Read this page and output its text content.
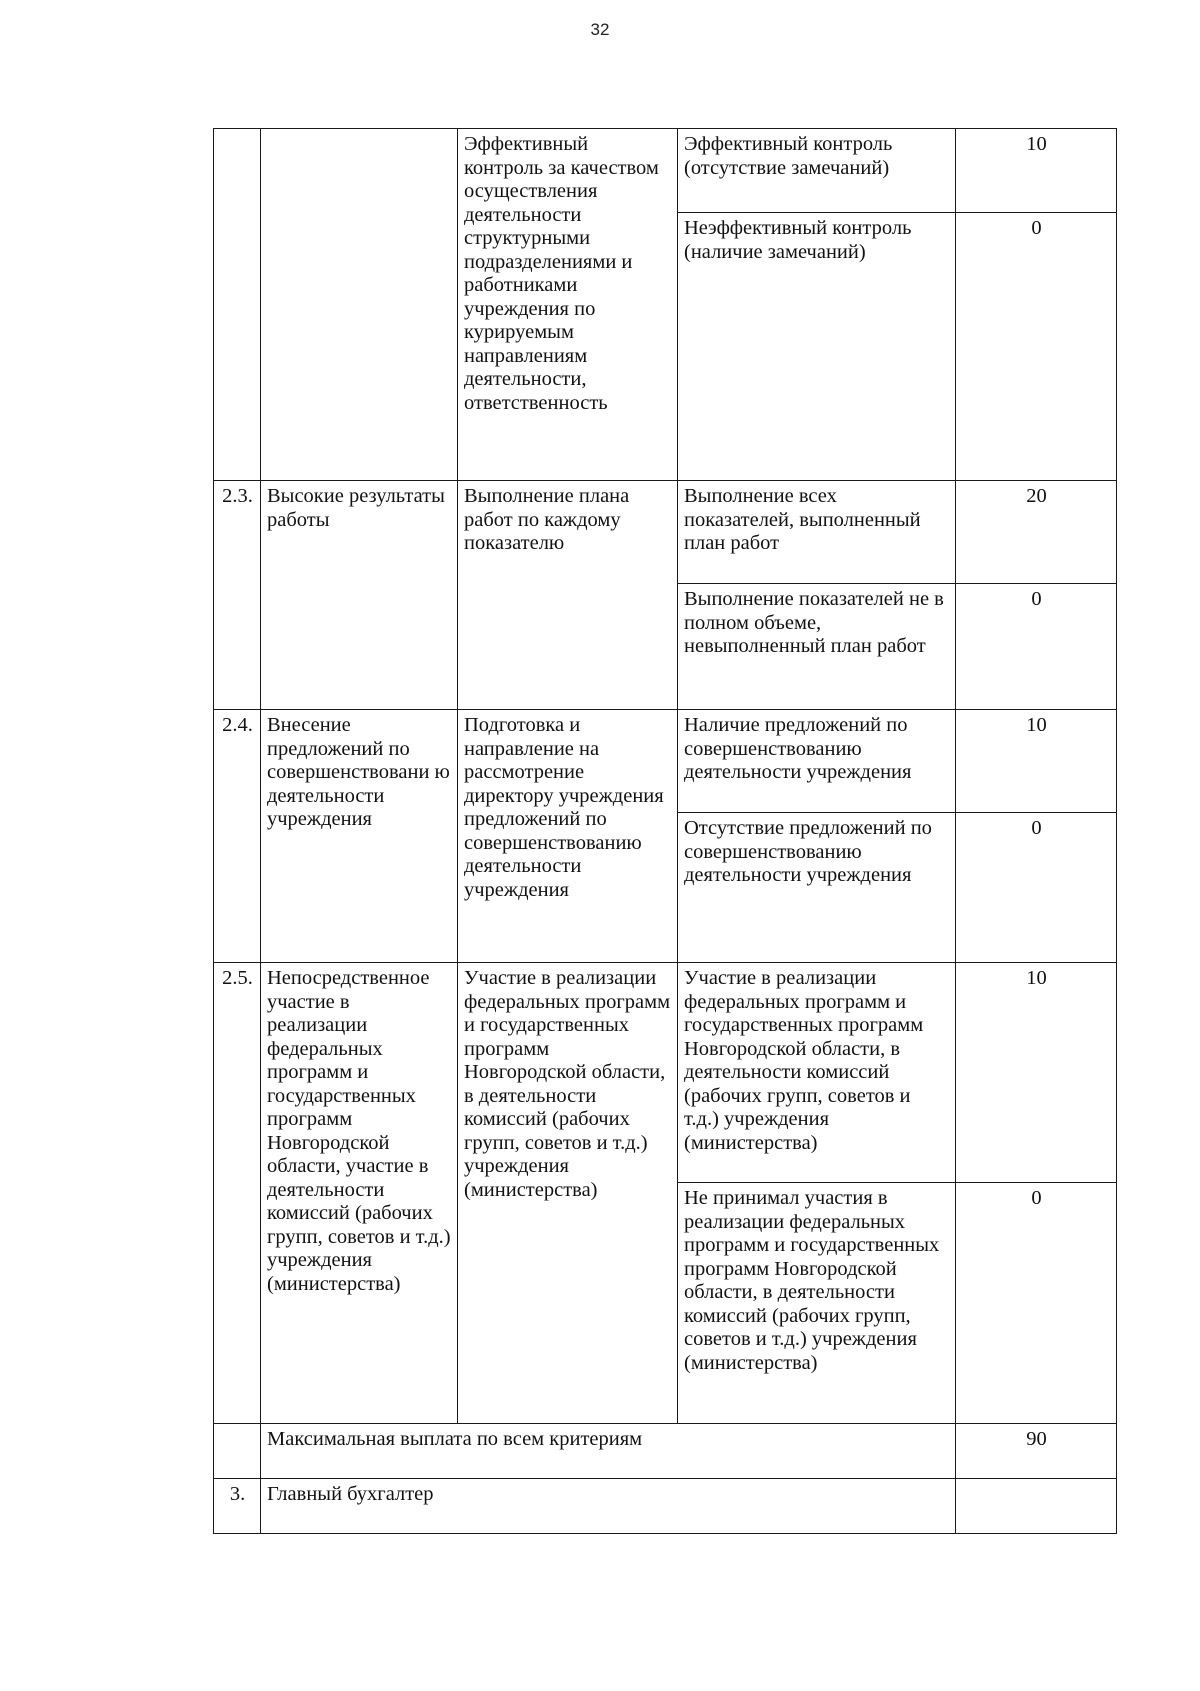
32
		Эффективный контроль за качеством осуществления деятельности структурными подразделениями и работниками учреждения по курируемым направлениям деятельности, ответственность	Эффективный контроль (отсутствие замечаний)	10
			Неэффективный контроль (наличие замечаний)	0
2.3.	Высокие результаты работы	Выполнение плана работ по каждому показателю	Выполнение всех показателей, выполненный план работ	20
			Выполнение показателей не в полном объеме, невыполненный план работ	0
2.4.	Внесение предложений по совершенствовани ю деятельности учреждения	Подготовка и направление на рассмотрение директору учреждения предложений по совершенствованию деятельности учреждения	Наличие предложений по совершенствованию деятельности учреждения	10
			Отсутствие предложений по совершенствованию деятельности учреждения	0
2.5.	Непосредственное участие в реализации федеральных программ и государственных программ Новгородской области, участие в деятельности комиссий (рабочих групп, советов и т.д.) учреждения (министерства)	Участие в реализации федеральных программ и государственных программ Новгородской области, в деятельности комиссий (рабочих групп, советов и т.д.) учреждения (министерства)	Участие в реализации федеральных программ и государственных программ Новгородской области, в деятельности комиссий (рабочих групп, советов и т.д.) учреждения (министерства)	10
			Не принимал участия в реализации федеральных программ и государственных программ Новгородской области, в деятельности комиссий (рабочих групп, советов и т.д.) учреждения (министерства)	0
	Максимальная выплата по всем критериям			90
3.	Главный бухгалтер			
